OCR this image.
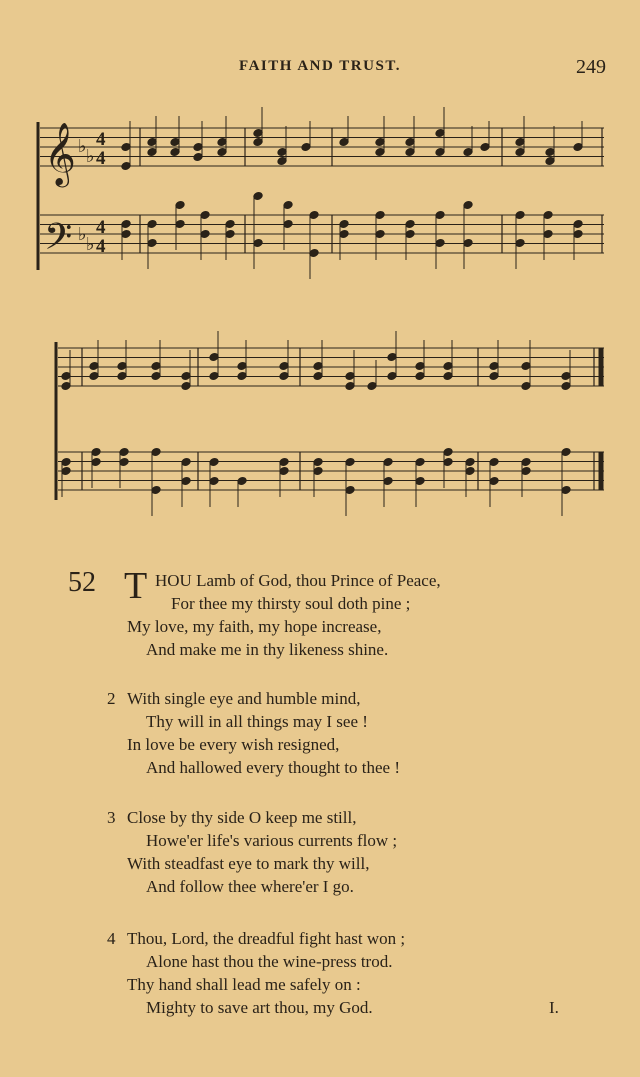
FAITH AND TRUST.	249
𝄞
𝄢
♭ ♭
♭ ♭
4
4
4
4
52 T HOU Lamb of God, thou Prince of Peace,
For thee my thirsty soul doth pine ;
My love, my faith, my hope increase,
And make me in thy likeness shine.
2 With single eye and humble mind,
Thy will in all things may I see !
In love be every wish resigned,
And hallowed every thought to thee !
3 Close by thy side O keep me still,
Howe'er life's various currents flow ;
With steadfast eye to mark thy will,
And follow thee where'er I go.
4 Thou, Lord, the dreadful fight hast won ;
Alone hast thou the wine-press trod.
Thy hand shall lead me safely on :
Mighty to save art thou, my God.	I.
